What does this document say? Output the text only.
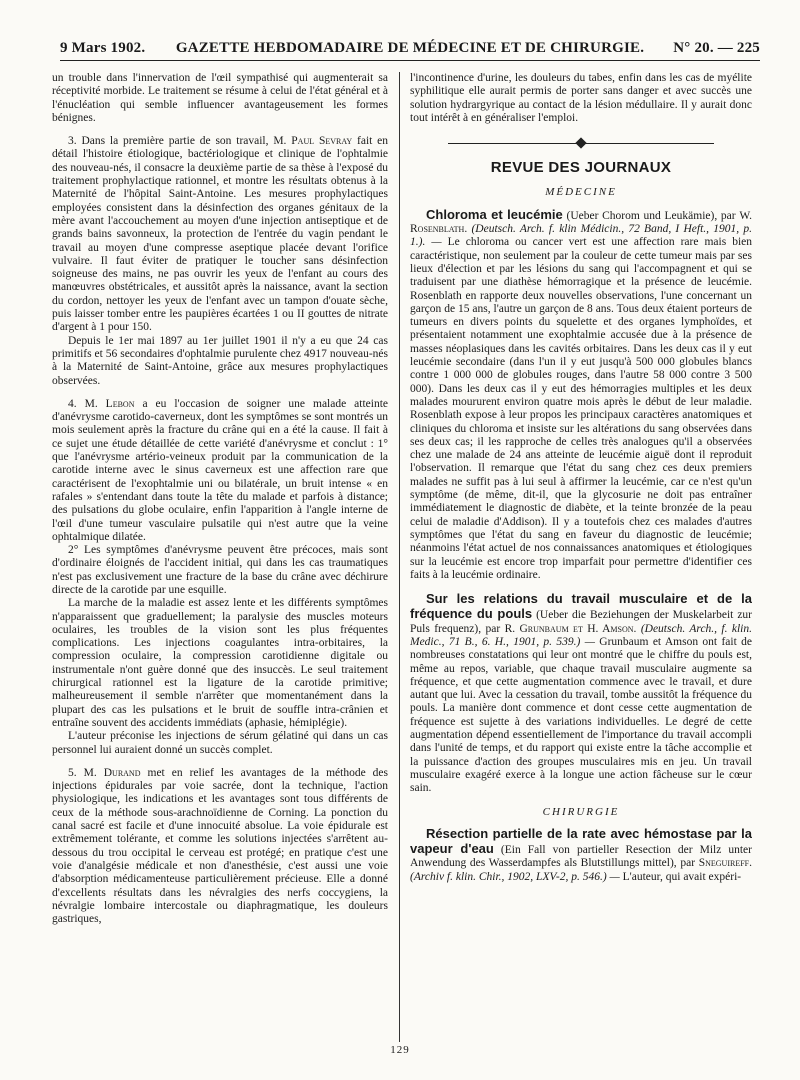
9 Mars 1902.	GAZETTE HEBDOMADAIRE DE MÉDECINE ET DE CHIRURGIE.	N° 20. — 225

un trouble dans l'innervation de l'œil sympathisé qui augmenterait sa réceptivité morbide. Le traitement se résume à celui de l'état général et à l'énucléation qui semble influencer avantageusement les formes bénignes.

3. Dans la première partie de son travail, M. Paul Sevray fait en détail l'histoire étiologique, bactériologique et clinique de l'ophtalmie des nouveau-nés, il consacre la deuxième partie de sa thèse à l'exposé du traitement prophylactique rationnel, et montre les résultats obtenus à la Maternité de l'hôpital Saint-Antoine. Les mesures prophylactiques employées consistent dans la désinfection des organes génitaux de la mère avant l'accouchement au moyen d'une injection antiseptique et de grands bains savonneux, la protection de l'entrée du vagin pendant le travail au moyen d'une compresse aseptique placée devant l'orifice vulvaire. Il faut éviter de pratiquer le toucher sans désinfection soigneuse des mains, ne pas ouvrir les yeux de l'enfant au cours des manœuvres obstétricales, et aussitôt après la naissance, avant la section du cordon, nettoyer les yeux de l'enfant avec un tampon d'ouate sèche, puis laisser tomber entre les paupières écartées 1 ou II gouttes de nitrate d'argent à 1 pour 150.

Depuis le 1er mai 1897 au 1er juillet 1901 il n'y a eu que 24 cas primitifs et 56 secondaires d'ophtalmie purulente chez 4917 nouveau-nés à la Maternité de Saint-Antoine, grâce aux mesures prophylactiques observées.

4. M. Lebon a eu l'occasion de soigner une malade atteinte d'anévrysme carotido-caverneux, dont les symptômes se sont montrés un mois seulement après la fracture du crâne qui en a été la cause. Il fait à ce sujet une étude détaillée de cette variété d'anévrysme et conclut : 1° que l'anévrysme artério-veineux produit par la communication de la carotide interne avec le sinus caverneux est une affection rare que caractérisent de l'exophtalmie uni ou bilatérale, un bruit intense « en rafales » s'entendant dans toute la tête du malade et parfois à distance; des pulsations du globe oculaire, enfin l'apparition à l'angle interne de l'œil d'une tumeur vasculaire pulsatile qui n'est autre que la veine ophtalmique dilatée.

2° Les symptômes d'anévrysme peuvent être précoces, mais sont d'ordinaire éloignés de l'accident initial, qui dans les cas traumatiques n'est pas exclusivement une fracture de la base du crâne avec déchirure directe de la carotide par une esquille.

La marche de la maladie est assez lente et les différents symptômes n'apparaissent que graduellement; la paralysie des muscles moteurs oculaires, les troubles de la vision sont les plus fréquentes complications. Les injections coagulantes intra-orbitaires, la compression oculaire, la compression carotidienne digitale ou instrumentale n'ont guère donné que des insuccès. Le seul traitement chirurgical rationnel est la ligature de la carotide primitive; malheureusement il semble n'arrêter que momentanément dans la plupart des cas les pulsations et le bruit de souffle intra-crânien et entraîne souvent des accidents immédiats (aphasie, hémiplégie).

L'auteur préconise les injections de sérum gélatiné qui dans un cas personnel lui auraient donné un succès complet.

5. M. Durand met en relief les avantages de la méthode des injections épidurales par voie sacrée, dont la technique, l'action physiologique, les indications et les avantages sont tous différents de ceux de la méthode sous-arachnoïdienne de Corning. La ponction du canal sacré est facile et d'une innocuité absolue. La voie épidurale est extrêmement tolérante, et comme les solutions injectées s'arrêtent au-dessous du trou occipital le cerveau est protégé; en pratique c'est une voie d'analgésie médicale et non d'anesthésie, c'est aussi une voie d'absorption médicamenteuse particulièrement précieuse. Elle a donné d'excellents résultats dans les névralgies des nerfs coccygiens, la névralgie lombaire intercostale ou diaphragmatique, les douleurs gastriques,

l'incontinence d'urine, les douleurs du tabes, enfin dans les cas de myélite syphilitique elle aurait permis de porter sans danger et avec succès une solution hydrargyrique au contact de la lésion médullaire. Il y aurait donc tout intérêt à en généraliser l'emploi.

REVUE DES JOURNAUX
MÉDECINE

Chloroma et leucémie (Ueber Chorom und Leukämie), par W. Rosenblath. (Deutsch. Arch. f. klin Médicin., 72 Band, I Heft., 1901, p. 1.). — Le chloroma ou cancer vert est une affection rare mais bien caractéristique, non seulement par la couleur de cette tumeur mais par ses lieux d'élection et par les lésions du sang qui l'accompagnent et qui se traduisent par une diathèse hémorragique et la présence de leucémie. Rosenblath en rapporte deux nouvelles observations, l'une concernant un garçon de 15 ans, l'autre un garçon de 8 ans. Tous deux étaient porteurs de tumeurs en divers points du squelette et des organes lymphoïdes, et présentaient notamment une exophtalmie accusée due à la présence de masses néoplasiques dans les cavités orbitaires. Dans les deux cas il y eut leucémie secondaire (dans l'un il y eut jusqu'à 500 000 globules blancs contre 1 000 000 de globules rouges, dans l'autre 58 000 contre 3 500 000). Dans les deux cas il y eut des hémorragies multiples et les deux malades moururent environ quatre mois après le début de leur maladie. Rosenblath expose à leur propos les principaux caractères anatomiques et cliniques du chloroma et insiste sur les altérations du sang observées dans ses deux cas; il les rapproche de celles très analogues qu'il a observées chez une malade de 24 ans atteinte de leucémie aiguë dont il reproduit l'observation. Il remarque que l'état du sang chez ces deux premiers malades ne suffit pas à lui seul à affirmer la leucémie, car ce n'est qu'un symptôme (de même, dit-il, que la glycosurie ne doit pas entraîner immédiatement le diagnostic de diabète, et la teinte bronzée de la peau celui de maladie d'Addison). Il y a toutefois chez ces malades d'autres symptômes que l'état du sang en faveur du diagnostic de leucémie; néanmoins l'état actuel de nos connaissances anatomiques et étiologiques sur la leucémie est encore trop imparfait pour permettre d'identifier ces faits à la leucémie ordinaire.

Sur les relations du travail musculaire et de la fréquence du pouls (Ueber die Beziehungen der Muskelarbeit zur Puls frequenz), par R. Grunbaum et H. Amson. (Deutsch. Arch., f. klin. Medic., 71 B., 6. H., 1901, p. 539.) — Grunbaum et Amson ont fait de nombreuses constatations qui leur ont montré que le chiffre du pouls est, même au repos, variable, que chaque travail musculaire augmente sa fréquence, et que cette augmentation commence avec le travail, et dure autant que lui. Avec la cessation du travail, tombe aussitôt la fréquence du pouls. La manière dont commence et dont cesse cette augmentation de fréquence est sujette à des variations individuelles. Le degré de cette augmentation dépend essentiellement de l'importance du travail accompli dans l'unité de temps, et du rapport qui existe entre la tâche accomplie et la puissance d'action des groupes musculaires mis en jeu. Un travail musculaire exagéré exerce à la longue une action fâcheuse sur le cœur sain.

CHIRURGIE

Résection partielle de la rate avec hémostase par la vapeur d'eau (Ein Fall von partieller Resection der Milz unter Anwendung des Wasserdampfes als Blutstillungs mittel), par Sneguireff. (Archiv f. klin. Chir., 1902, LXV-2, p. 546.) — L'auteur, qui avait expéri-

129
